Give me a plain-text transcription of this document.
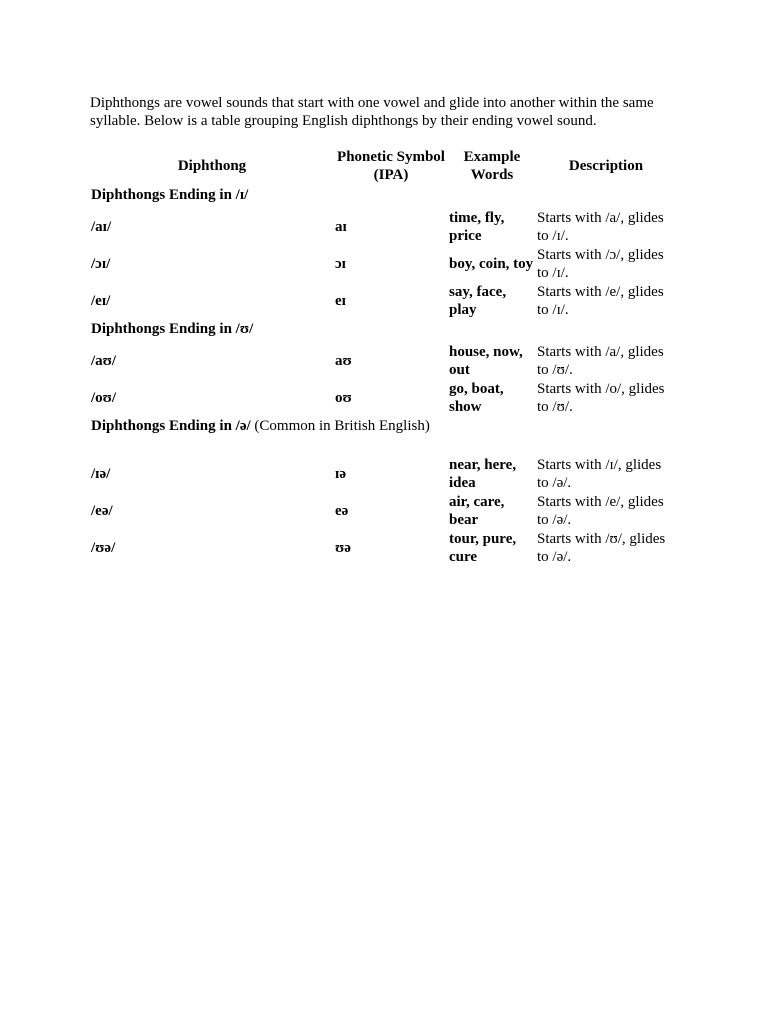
Diphthongs are vowel sounds that start with one vowel and glide into another within the same syllable. Below is a table grouping English diphthongs by their ending vowel sound.

Diphthong	Phonetic Symbol (IPA)	Example Words	Description
Diphthongs Ending in /ɪ/			
/aɪ/	aɪ	time, fly, price	Starts with /a/, glides to /ɪ/.
/ɔɪ/	ɔɪ	boy, coin, toy	Starts with /ɔ/, glides to /ɪ/.
/eɪ/	eɪ	say, face, play	Starts with /e/, glides to /ɪ/.
Diphthongs Ending in /ʊ/			
/aʊ/	aʊ	house, now, out	Starts with /a/, glides to /ʊ/.
/oʊ/	oʊ	go, boat, show	Starts with /o/, glides to /ʊ/.
Diphthongs Ending in /ə/ (Common in British English)			
/ɪə/	ɪə	near, here, idea	Starts with /ɪ/, glides to /ə/.
/eə/	eə	air, care, bear	Starts with /e/, glides to /ə/.
/ʊə/	ʊə	tour, pure, cure	Starts with /ʊ/, glides to /ə/.
